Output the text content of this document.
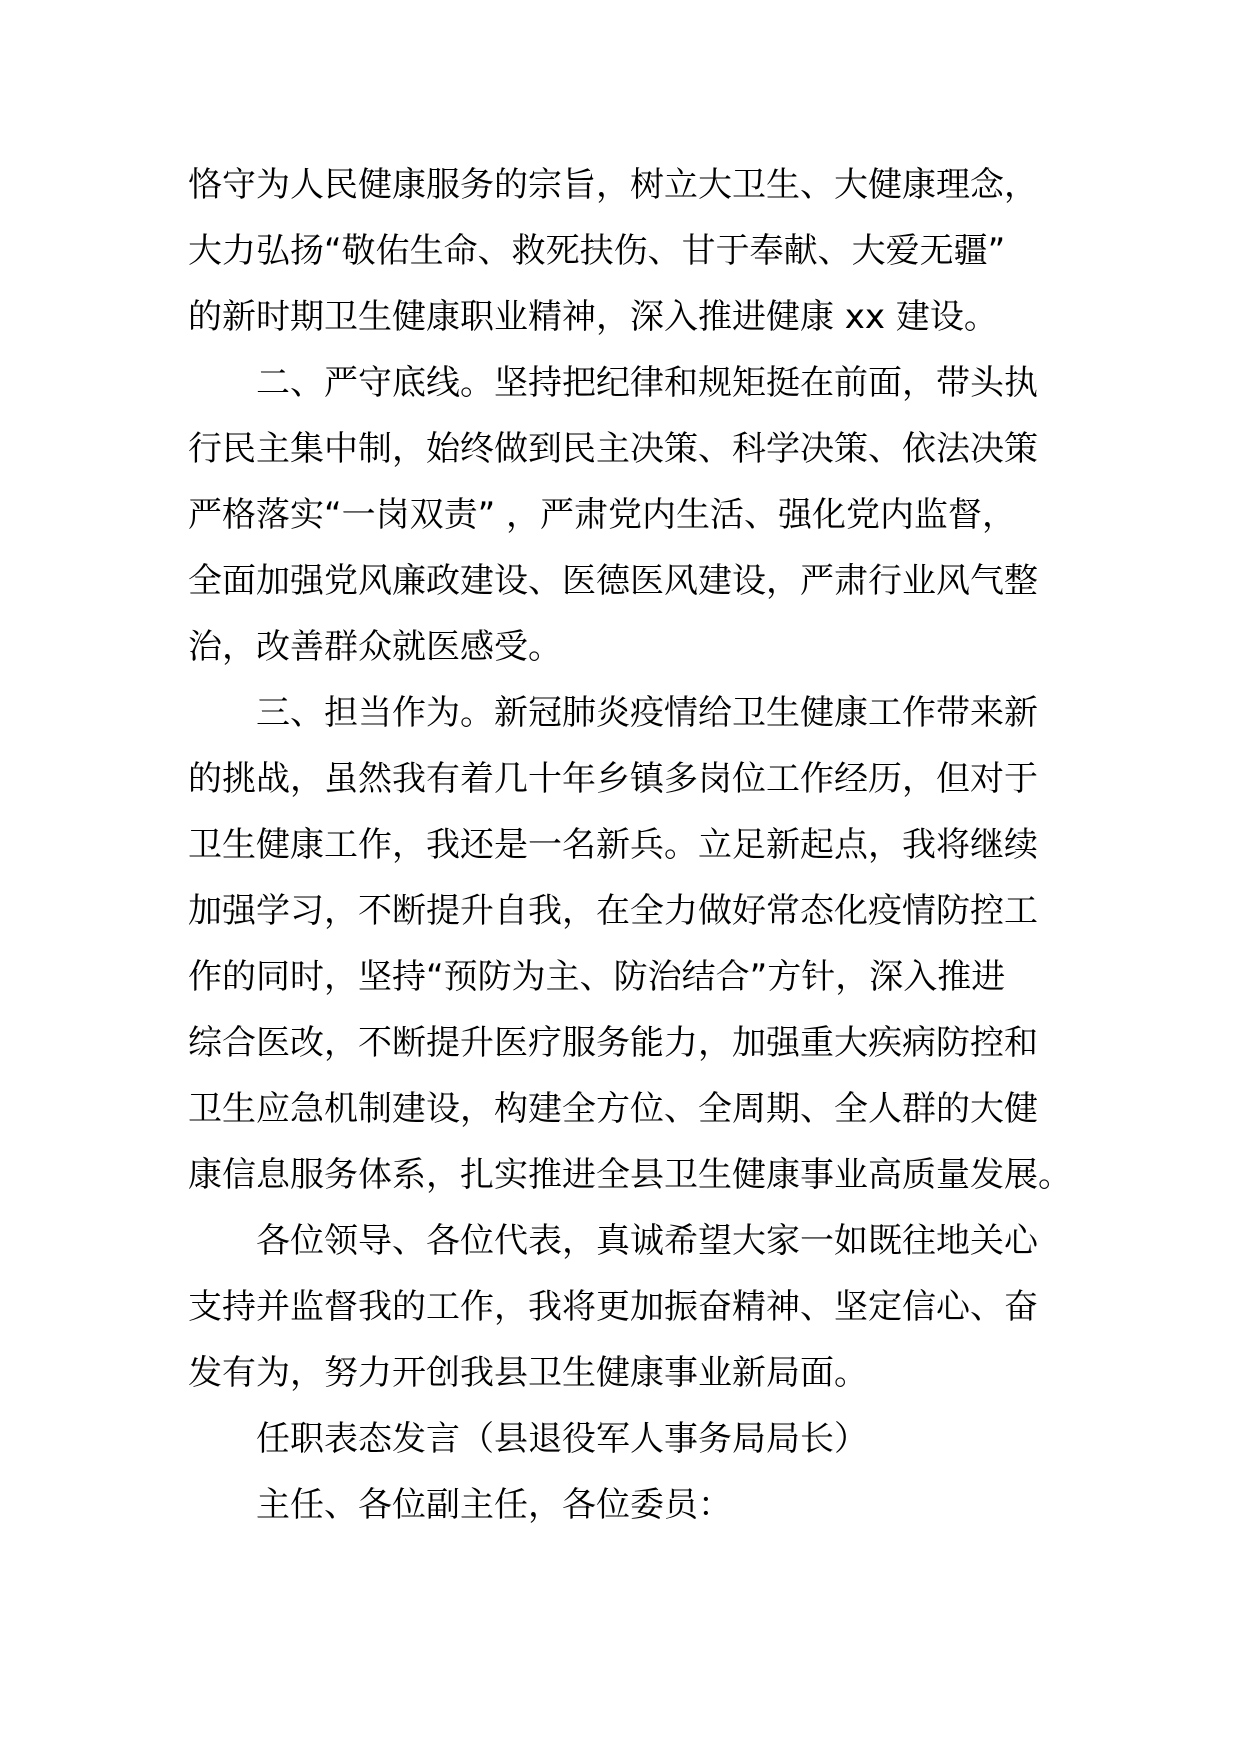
恪守为人民健康服务的宗旨，树立大卫生、大健康理念，
大力弘扬“敬佑生命、救死扶伤、甘于奉献、大爱无疆”
的新时期卫生健康职业精神，深入推进健康 xx 建设。
二、严守底线。坚持把纪律和规矩挺在前面，带头执
行民主集中制，始终做到民主决策、科学决策、依法决策
严格落实“一岗双责” ，严肃党内生活、强化党内监督，
全面加强党风廉政建设、医德医风建设，严肃行业风气整
治，改善群众就医感受。
三、担当作为。新冠肺炎疫情给卫生健康工作带来新
的挑战，虽然我有着几十年乡镇多岗位工作经历，但对于
卫生健康工作，我还是一名新兵。立足新起点，我将继续
加强学习，不断提升自我，在全力做好常态化疫情防控工
作的同时，坚持“预防为主、防治结合”方针，深入推进
综合医改，不断提升医疗服务能力，加强重大疾病防控和
卫生应急机制建设，构建全方位、全周期、全人群的大健
康信息服务体系，扎实推进全县卫生健康事业高质量发展。
各位领导、各位代表，真诚希望大家一如既往地关心
支持并监督我的工作，我将更加振奋精神、坚定信心、奋
发有为，努力开创我县卫生健康事业新局面。
任职表态发言（县退役军人事务局局长）
主任、各位副主任，各位委员：
